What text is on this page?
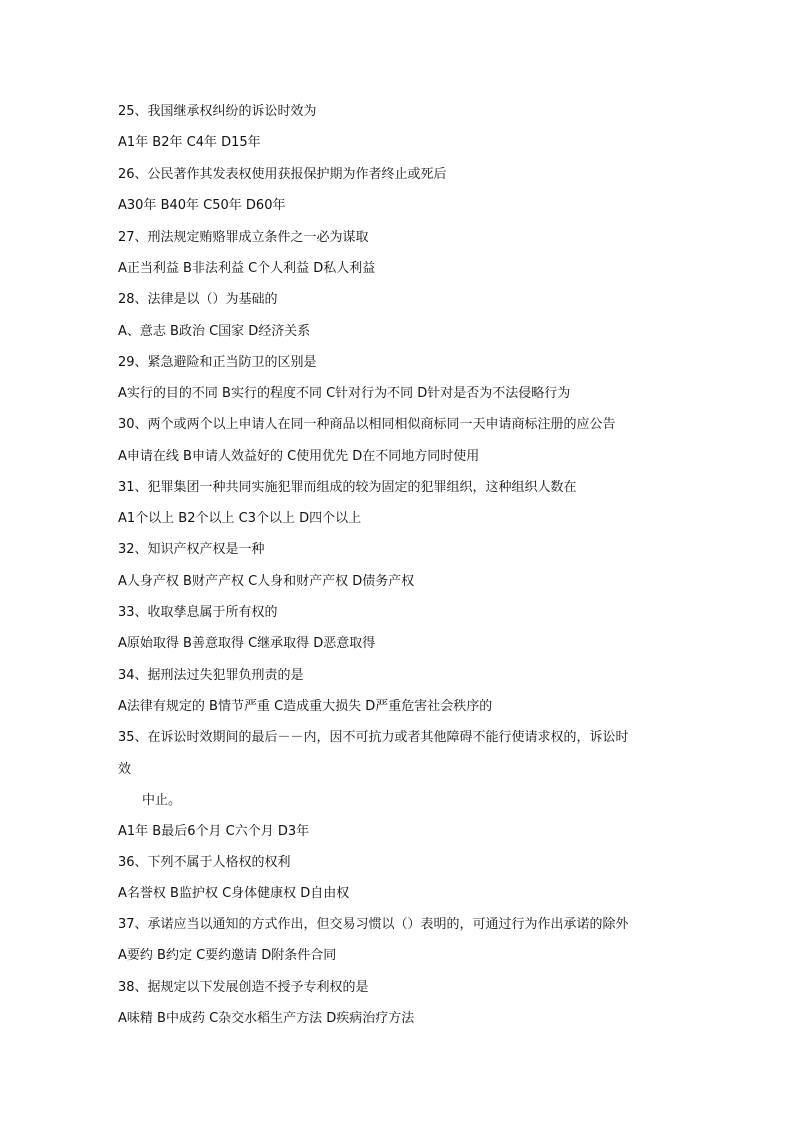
25、我国继承权纠纷的诉讼时效为
A1年 B2年 C4年 D15年
26、公民著作其发表权使用获报保护期为作者终止或死后
A30年 B40年 C50年 D60年
27、刑法规定贿赂罪成立条件之一必为谋取
A正当利益 B非法利益 C个人利益 D私人利益
28、法律是以（）为基础的
A、意志 B政治 C国家 D经济关系
29、紧急避险和正当防卫的区别是
A实行的目的不同 B实行的程度不同 C针对行为不同 D针对是否为不法侵略行为
30、两个或两个以上申请人在同一种商品以相同相似商标同一天申请商标注册的应公告
A申请在线 B申请人效益好的 C使用优先 D在不同地方同时使用
31、犯罪集团一种共同实施犯罪而组成的较为固定的犯罪组织，这种组织人数在
A1个以上 B2个以上 C3个以上 D四个以上
32、知识产权产权是一种
A人身产权 B财产产权 C人身和财产产权 D债务产权
33、收取孳息属于所有权的
A原始取得 B善意取得 C继承取得 D恶意取得
34、据刑法过失犯罪负刑责的是
A法律有规定的 B情节严重 C造成重大损失 D严重危害社会秩序的
35、在诉讼时效期间的最后－－内，因不可抗力或者其他障碍不能行使请求权的，诉讼时
效
中止。
A1年 B最后6个月 C六个月 D3年
36、下列不属于人格权的权利
A名誉权 B监护权 C身体健康权 D自由权
37、承诺应当以通知的方式作出，但交易习惯以（）表明的，可通过行为作出承诺的除外
A要约 B约定 C要约邀请 D附条件合同
38、据规定以下发展创造不授予专利权的是
A味精 B中成药 C杂交水稻生产方法 D疾病治疗方法
